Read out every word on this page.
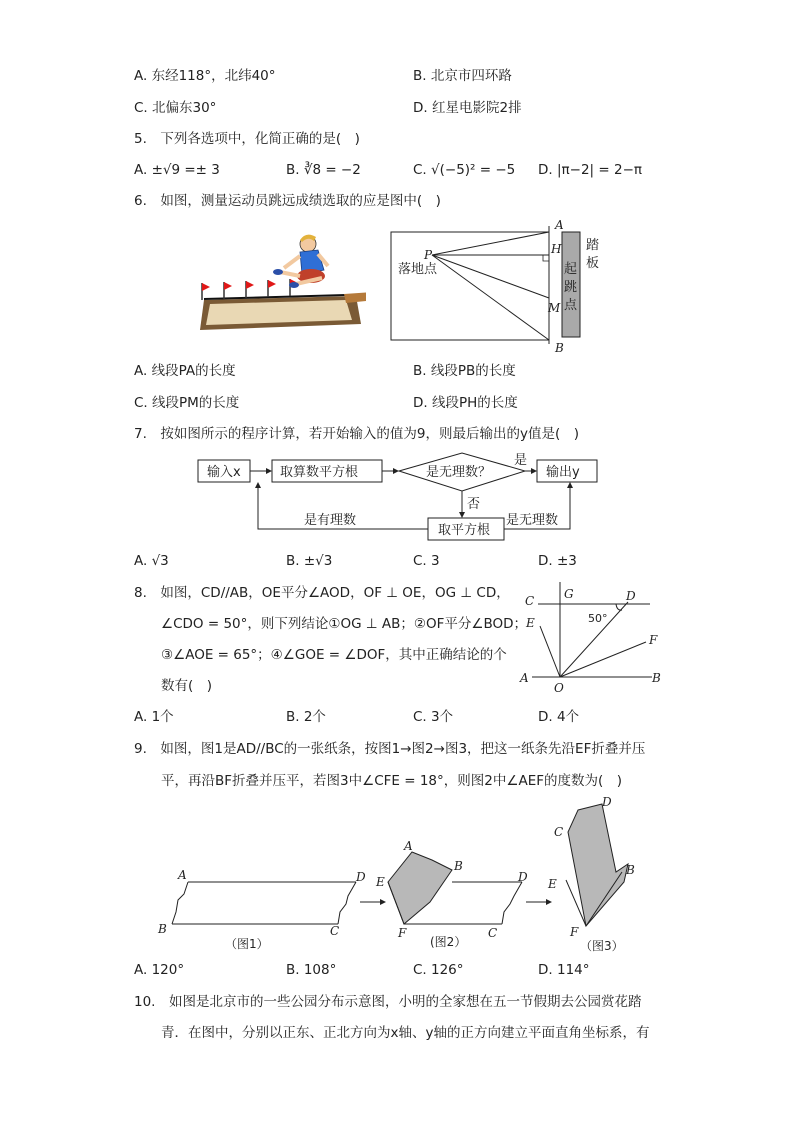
A. 东经118°，北纬40°	B. 北京市四环路
C. 北偏东30°	D. 红星电影院2排
5.　下列各选项中，化简正确的是(　)
A. ±√9 =± 3	B. ∛8 = −2	C. √(−5)² = −5 D. |π−2| = 2−π
6.　如图，测量运动员跳远成绩选取的应是图中(　)
A
P	H
M
B
落地点	起
跳
点
踏
板
A. 线段PA的长度	B. 线段PB的长度
C. 线段PM的长度	D. 线段PH的长度
7.　按如图所示的程序计算，若开始输入的值为9，则最后输出的y值是(　)
输入x	取算数平方根	是无理数？
是
输出y
否
取平方根
是有理数	是无理数
A. √3	B. ±√3	C. 3	D. ±3
8.　如图，CD//AB，OE平分∠AOD，OF ⊥ OE，OG ⊥ CD，
∠CDO = 50°，则下列结论①OG ⊥ AB；②OF平分∠BOD；
③∠AOE = 65°；④∠GOE = ∠DOF，其中正确结论的个
数有(　)
50°
C G	D
E
F
A
O
B
A. 1个	B. 2个	C. 3个	D. 4个
9.　如图，图1是AD//BC的一张纸条，按图1→图2→图3，把这一纸条先沿EF折叠并压
平，再沿BF折叠并压平，若图3中∠CFE = 18°，则图2中∠AEF的度数为(　)
A	D
B	C
（图1）
A
B
E	D
F	C
(图2）
D
C
B
E
F
（图3）
A. 120°	B. 108°	C. 126°	D. 114°
10.　如图是北京市的一些公园分布示意图，小明的全家想在五一节假期去公园赏花踏
青．在图中，分别以正东、正北方向为x轴、y轴的正方向建立平面直角坐标系，有
